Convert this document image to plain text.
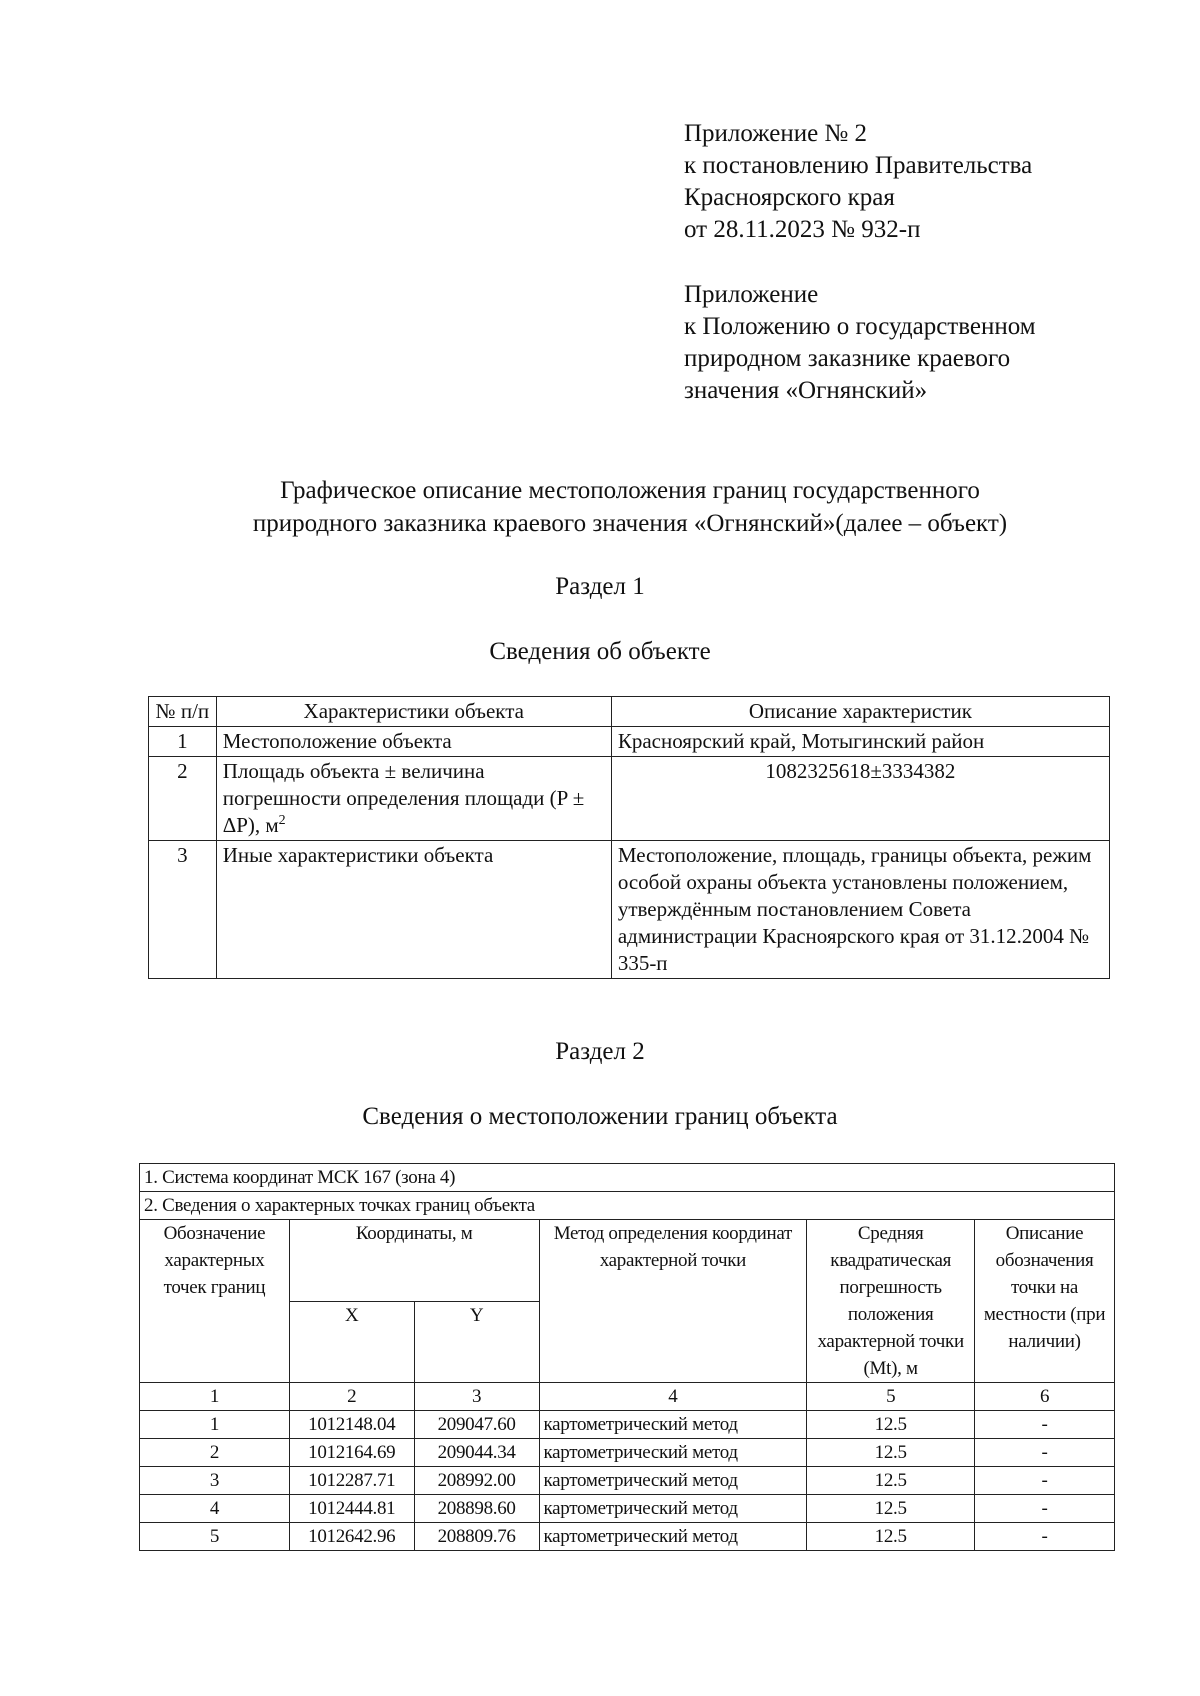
Приложение № 2
к постановлению Правительства
Красноярского края
от 28.11.2023 № 932-п
Приложение
к Положению о государственном
природном заказнике краевого
значения «Огнянский»
Графическое описание местоположения границ государственного
природного заказника краевого значения «Огнянский»(далее – объект)
Раздел 1
Сведения об объекте
№ п/п	Характеристики объекта	Описание характеристик
1	Местоположение объекта	Красноярский край, Мотыгинский район
2	Площадь объекта ± величина погрешности определения площади (P ± ΔP), $м^2$	1082325618±3334382
3	Иные характеристики объекта	Местоположение, площадь, границы объекта, режим особой охраны объекта установлены положением, утверждённым постановлением Совета администрации Красноярского края от 31.12.2004 № 335-п
Раздел 2
Сведения о местоположении границ объекта
1. Система координат МСК 167 (зона 4)					
2. Сведения о характерных точках границ объекта					
Обозначение характерных точек границ	Координаты, м		Метод определения координат характерной точки	Средняя квадратическая погрешность положения характерной точки (Mt), м	Описание обозначения точки на местности (при наличии)
	X	Y			
1	2	3	4	5	6
1	1012148.04	209047.60	картометрический метод	12.5	-
2	1012164.69	209044.34	картометрический метод	12.5	-
3	1012287.71	208992.00	картометрический метод	12.5	-
4	1012444.81	208898.60	картометрический метод	12.5	-
5	1012642.96	208809.76	картометрический метод	12.5	-
